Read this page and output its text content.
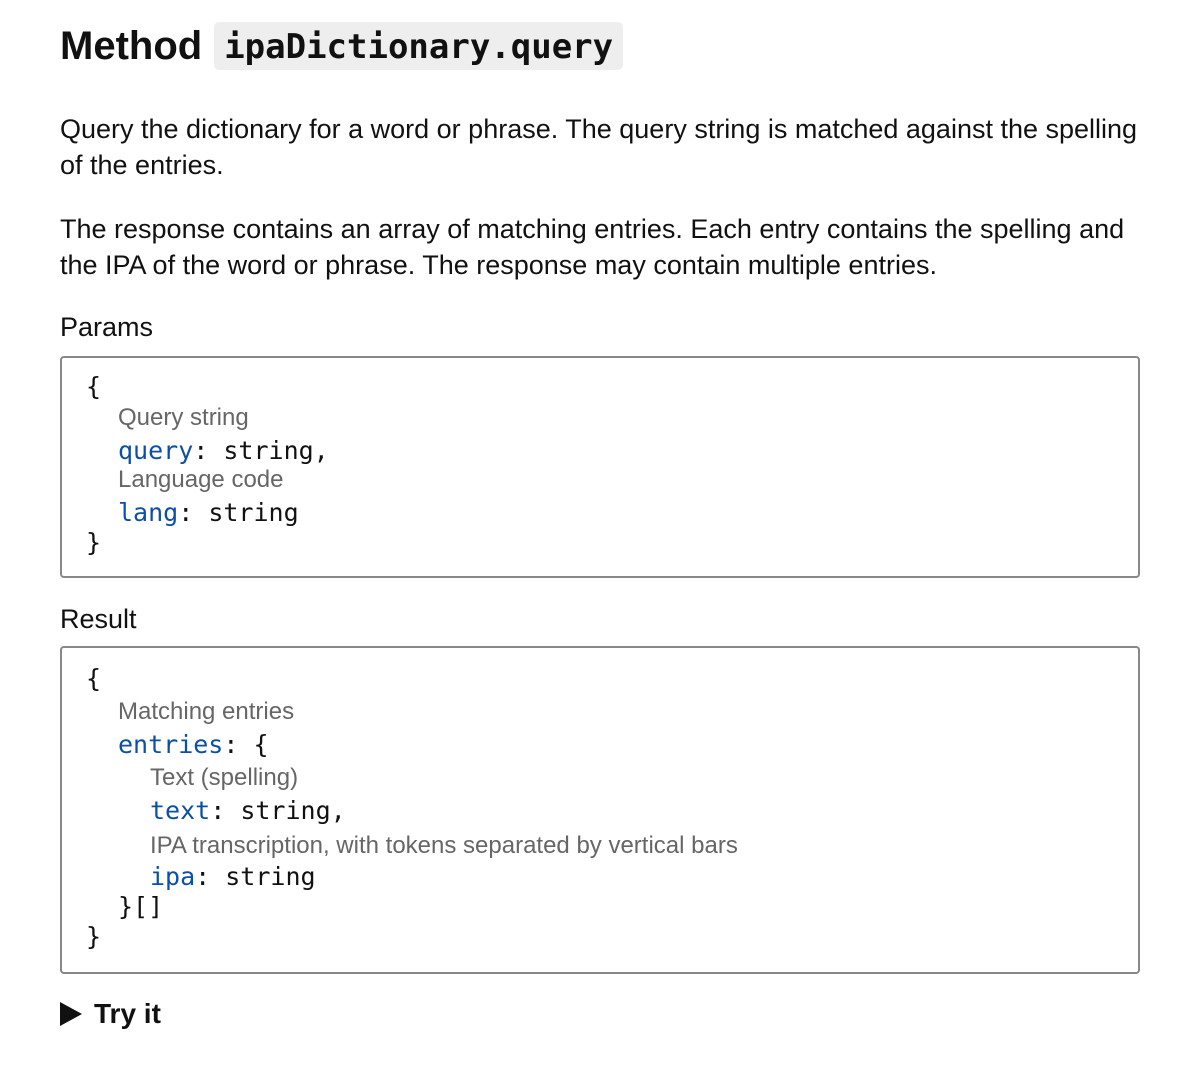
Method ipaDictionary.query

Query the dictionary for a word or phrase. The query string is matched against the spelling of the entries.

The response contains an array of matching entries. Each entry contains the spelling and the IPA of the word or phrase. The response may contain multiple entries.

Params
{
Query string
query: string,
Language code
lang: string
}
Result
{
Matching entries
entries: {
Text (spelling)
text: string,
IPA transcription, with tokens separated by vertical bars
ipa: string
}[]
}
Try it
